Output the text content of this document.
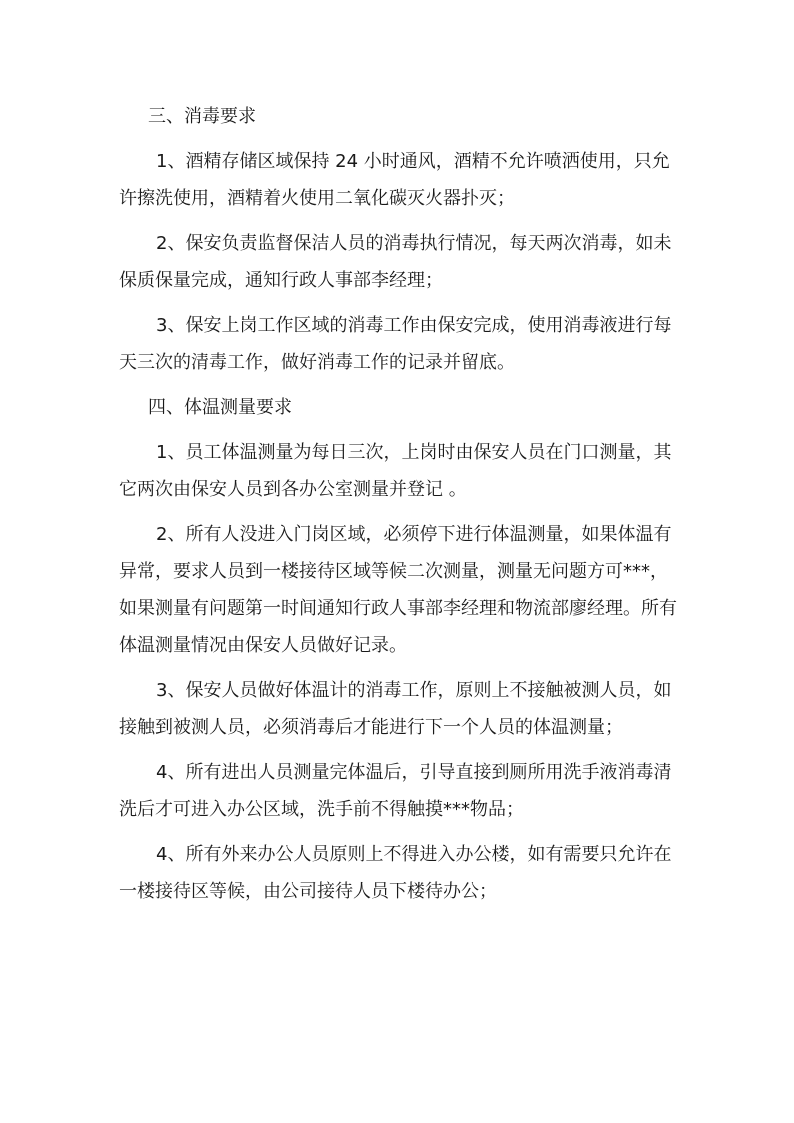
三、消毒要求

1、酒精存储区域保持 24 小时通风，酒精不允许喷洒使用，只允许擦洗使用，酒精着火使用二氧化碳灭火器扑灭；

2、保安负责监督保洁人员的消毒执行情况，每天两次消毒，如未保质保量完成，通知行政人事部李经理；

3、保安上岗工作区域的消毒工作由保安完成，使用消毒液进行每天三次的清毒工作，做好消毒工作的记录并留底。

四、体温测量要求

1、员工体温测量为每日三次，上岗时由保安人员在门口测量，其它两次由保安人员到各办公室测量并登记 。

2、所有人没进入门岗区域，必须停下进行体温测量，如果体温有异常，要求人员到一楼接待区域等候二次测量，测量无问题方可***，如果测量有问题第一时间通知行政人事部李经理和物流部廖经理。所有体温测量情况由保安人员做好记录。

3、保安人员做好体温计的消毒工作，原则上不接触被测人员，如接触到被测人员，必须消毒后才能进行下一个人员的体温测量；

4、所有进出人员测量完体温后，引导直接到厕所用洗手液消毒清洗后才可进入办公区域，洗手前不得触摸***物品；

4、所有外来办公人员原则上不得进入办公楼，如有需要只允许在一楼接待区等候，由公司接待人员下楼待办公；
